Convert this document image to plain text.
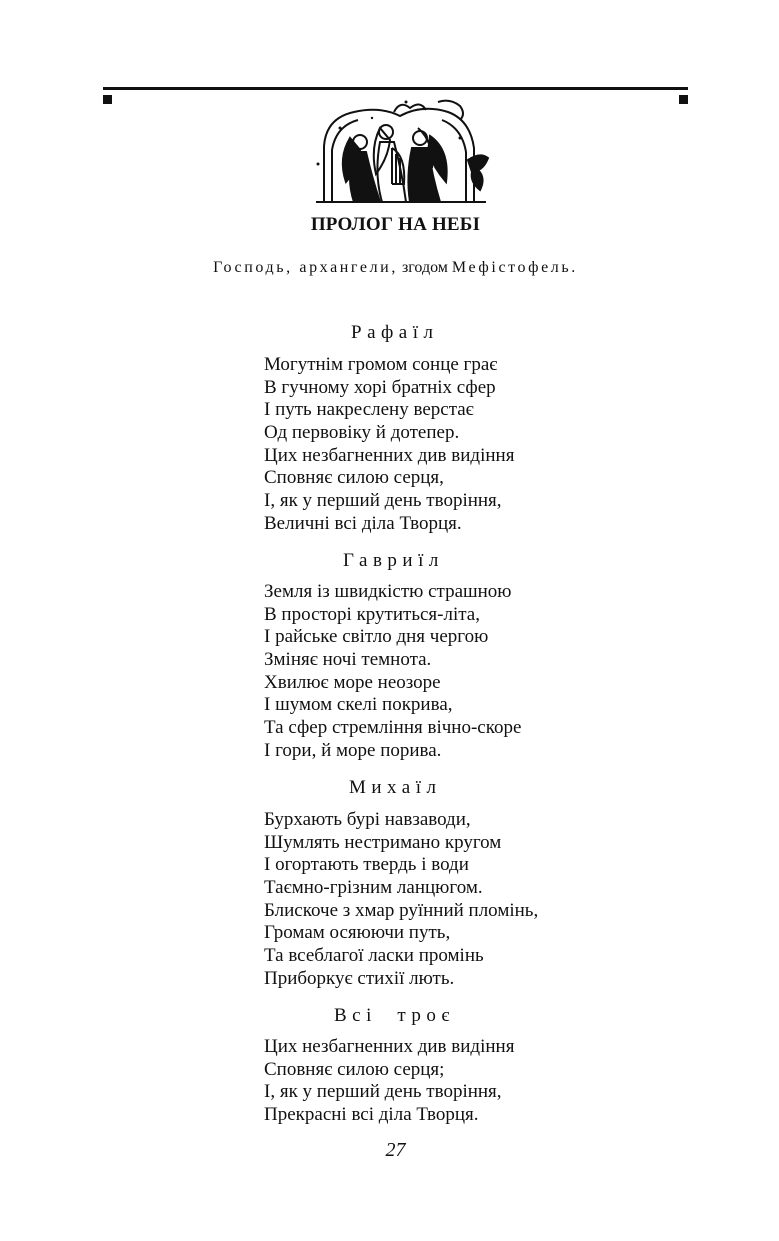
ПРОЛОГ НА НЕБІ

Господь, архангели, згодом Мефістофель.

Рафаїл

Могутнім громом сонце грає
В гучному хорі братніх сфер
І путь накреслену верстає
Од первовіку й дотепер.
Цих незбагненних див видіння
Сповняє силою серця,
І, як у перший день творіння,
Величні всі діла Творця.

Гавриїл

Земля із швидкістю страшною
В просторі крутиться-літа,
І райське світло дня чергою
Зміняє ночі темнота.
Хвилює море неозоре
І шумом скелі покрива,
Та сфер стремління вічно-скоре
І гори, й море порива.

Михаїл

Бурхають бурі навзаводи,
Шумлять нестримано кругом
І огортають твердь і води
Таємно-грізним ланцюгом.
Блискоче з хмар руїнний пломінь,
Громам осяюючи путь,
Та всеблагої ласки промінь
Приборкує стихії лють.

Всі  троє

Цих незбагненних див видіння
Сповняє силою серця;
І, як у перший день творіння,
Прекрасні всі діла Творця.

27
